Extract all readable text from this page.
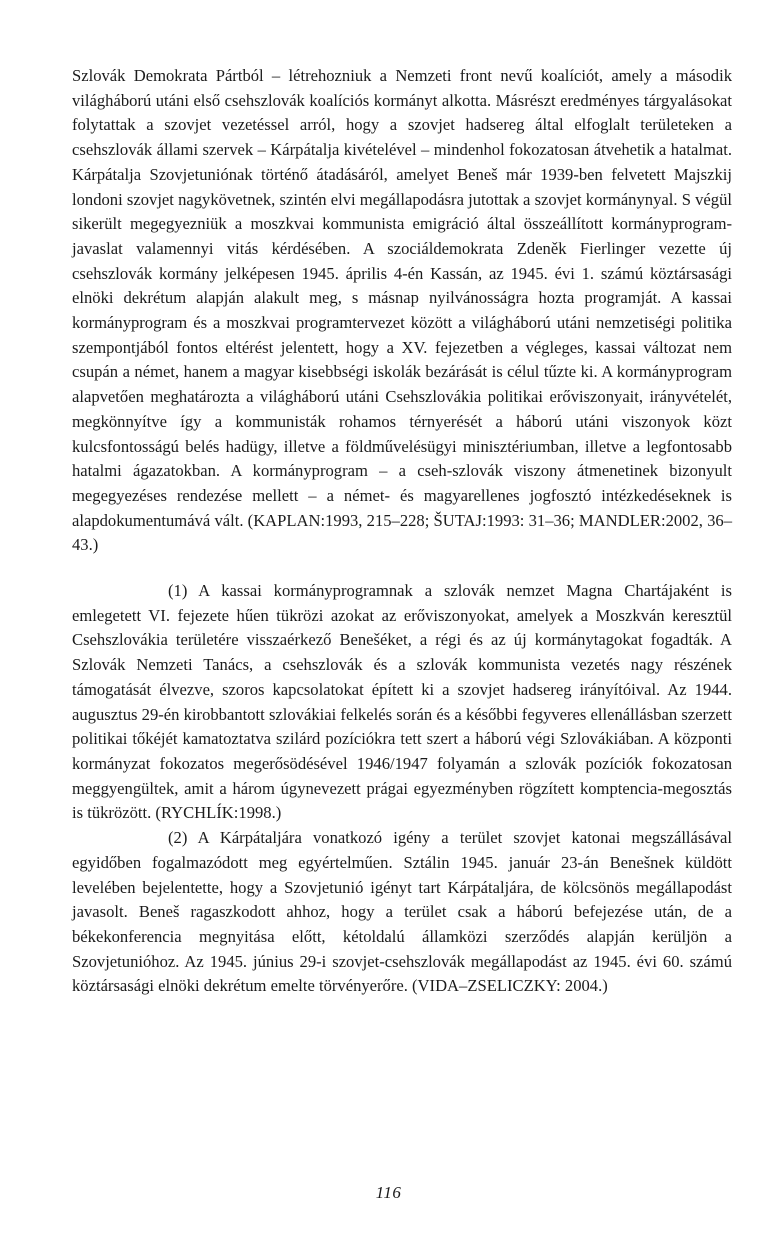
Szlovák Demokrata Pártból – létrehozniuk a Nemzeti front nevű koalíciót, amely a második világháború utáni első csehszlovák koalíciós kormányt alkotta. Másrészt eredményes tárgyalásokat folytattak a szovjet vezetéssel arról, hogy a szovjet hadsereg által elfoglalt területeken a csehszlovák állami szervek – Kárpátalja kivételével – mindenhol fokozatosan átvehetik a hatalmat. Kárpátalja Szovjetuniónak történő átadásáról, amelyet Beneš már 1939-ben felvetett Majszkij londoni szovjet nagykövetnek, szintén elvi megállapodásra jutottak a szovjet kormánynyal. S végül sikerült megegyezniük a moszkvai kommunista emigráció által összeállított kormányprogram-javaslat valamennyi vitás kérdésében. A szociáldemokrata Zdeněk Fierlinger vezette új csehszlovák kormány jelképesen 1945. április 4-én Kassán, az 1945. évi 1. számú köztársasági elnöki dekrétum alapján alakult meg, s másnap nyilvánosságra hozta programját. A kassai kormányprogram és a moszkvai programtervezet között a világháború utáni nemzetiségi politika szempontjából fontos eltérést jelentett, hogy a XV. fejezetben a végleges, kassai változat nem csupán a német, hanem a magyar kisebbségi iskolák bezárását is célul tűzte ki. A kormányprogram alapvetően meghatározta a világháború utáni Csehszlovákia politikai erőviszonyait, irányvételét, megkönnyítve így a kommunisták rohamos térnyerését a háború utáni viszonyok közt kulcsfontosságú belés hadügy, illetve a földművelésügyi minisztériumban, illetve a legfontosabb hatalmi ágazatokban. A kormányprogram – a cseh-szlovák viszony átmenetinek bizonyult megegyezéses rendezése mellett – a német- és magyarellenes jogfosztó intézkedéseknek is alapdokumentumává vált. (KAPLAN:1993, 215–228; ŠUTAJ:1993: 31–36; MANDLER:2002, 36–43.)

(1) A kassai kormányprogramnak a szlovák nemzet Magna Chartájaként is emlegetett VI. fejezete hűen tükrözi azokat az erőviszonyokat, amelyek a Moszkván keresztül Csehszlovákia területére visszaérkező Benešéket, a régi és az új kormánytagokat fogadták. A Szlovák Nemzeti Tanács, a csehszlovák és a szlovák kommunista vezetés nagy részének támogatását élvezve, szoros kapcsolatokat épített ki a szovjet hadsereg irányítóival. Az 1944. augusztus 29-én kirobbantott szlovákiai felkelés során és a későbbi fegyveres ellenállásban szerzett politikai tőkéjét kamatoztatva szilárd pozíciókra tett szert a háború végi Szlovákiában. A központi kormányzat fokozatos megerősödésével 1946/1947 folyamán a szlovák pozíciók fokozatosan meggyengültek, amit a három úgynevezett prágai egyezményben rögzített komptencia-megosztás is tükrözött. (RYCHLÍK:1998.)

(2) A Kárpátaljára vonatkozó igény a terület szovjet katonai megszállásával egyidőben fogalmazódott meg egyértelműen. Sztálin 1945. január 23-án Benešnek küldött levelében bejelentette, hogy a Szovjetunió igényt tart Kárpátaljára, de kölcsönös megállapodást javasolt. Beneš ragaszkodott ahhoz, hogy a terület csak a háború befejezése után, de a békekonferencia megnyitása előtt, kétoldalú államközi szerződés alapján kerüljön a Szovjetunióhoz. Az 1945. június 29-i szovjet-csehszlovák megállapodást az 1945. évi 60. számú köztársasági elnöki dekrétum emelte törvényerőre. (VIDA–ZSELICZKY: 2004.)

116
